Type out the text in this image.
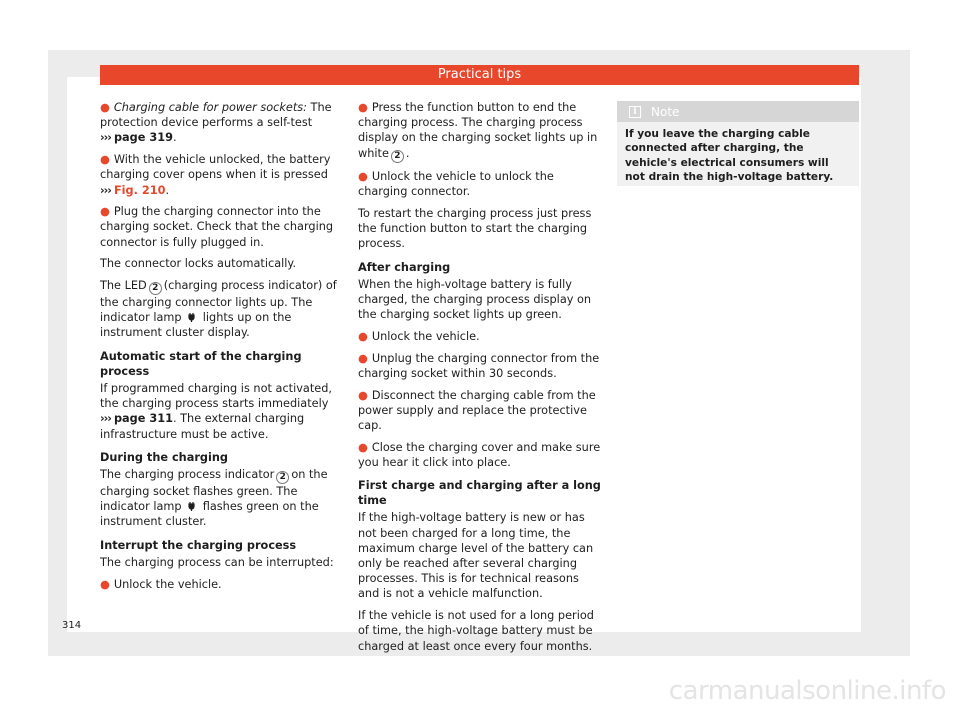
Practical tips

● Charging cable for power sockets: The protection device performs a self-test
››› page 319.

● With the vehicle unlocked, the battery charging cover opens when it is pressed
››› Fig. 210.

● Plug the charging connector into the charging socket. Check that the charging connector is fully plugged in.

The connector locks automatically.

The LED 2 (charging process indicator) of the charging connector lights up. The indicator lamp lights up on the instrument cluster display.

Automatic start of the charging process

If programmed charging is not activated, the charging process starts immediately
››› page 311. The external charging infrastructure must be active.

During the charging

The charging process indicator 2 on the charging socket flashes green. The indicator lamp flashes green on the instrument cluster.

Interrupt the charging process

The charging process can be interrupted:

● Unlock the vehicle.

● Press the function button to end the charging process. The charging process display on the charging socket lights up in white 2 .

● Unlock the vehicle to unlock the charging connector.

To restart the charging process just press the function button to start the charging process.

After charging

When the high-voltage battery is fully charged, the charging process display on the charging socket lights up green.

● Unlock the vehicle.

● Unplug the charging connector from the charging socket within 30 seconds.

● Disconnect the charging cable from the power supply and replace the protective cap.

● Close the charging cover and make sure you hear it click into place.

First charge and charging after a long time

If the high-voltage battery is new or has not been charged for a long time, the maximum charge level of the battery can only be reached after several charging processes. This is for technical reasons and is not a vehicle malfunction.

If the vehicle is not used for a long period of time, the high-voltage battery must be charged at least once every four months.

i	Note
If you leave the charging cable connected after charging, the vehicle's electrical consumers will not drain the high-voltage battery.
314
carmanualsonline.info
